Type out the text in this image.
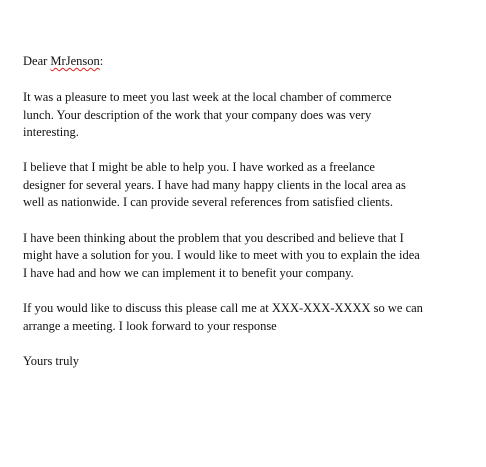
Dear MrJenson:
It was a pleasure to meet you last week at the local chamber of commerce
lunch. Your description of the work that your company does was very
interesting.
I believe that I might be able to help you. I have worked as a freelance
designer for several years. I have had many happy clients in the local area as
well as nationwide. I can provide several references from satisfied clients.
I have been thinking about the problem that you described and believe that I
might have a solution for you. I would like to meet with you to explain the idea
I have had and how we can implement it to benefit your company.
If you would like to discuss this please call me at XXX-XXX-XXXX so we can
arrange a meeting. I look forward to your response
Yours truly
